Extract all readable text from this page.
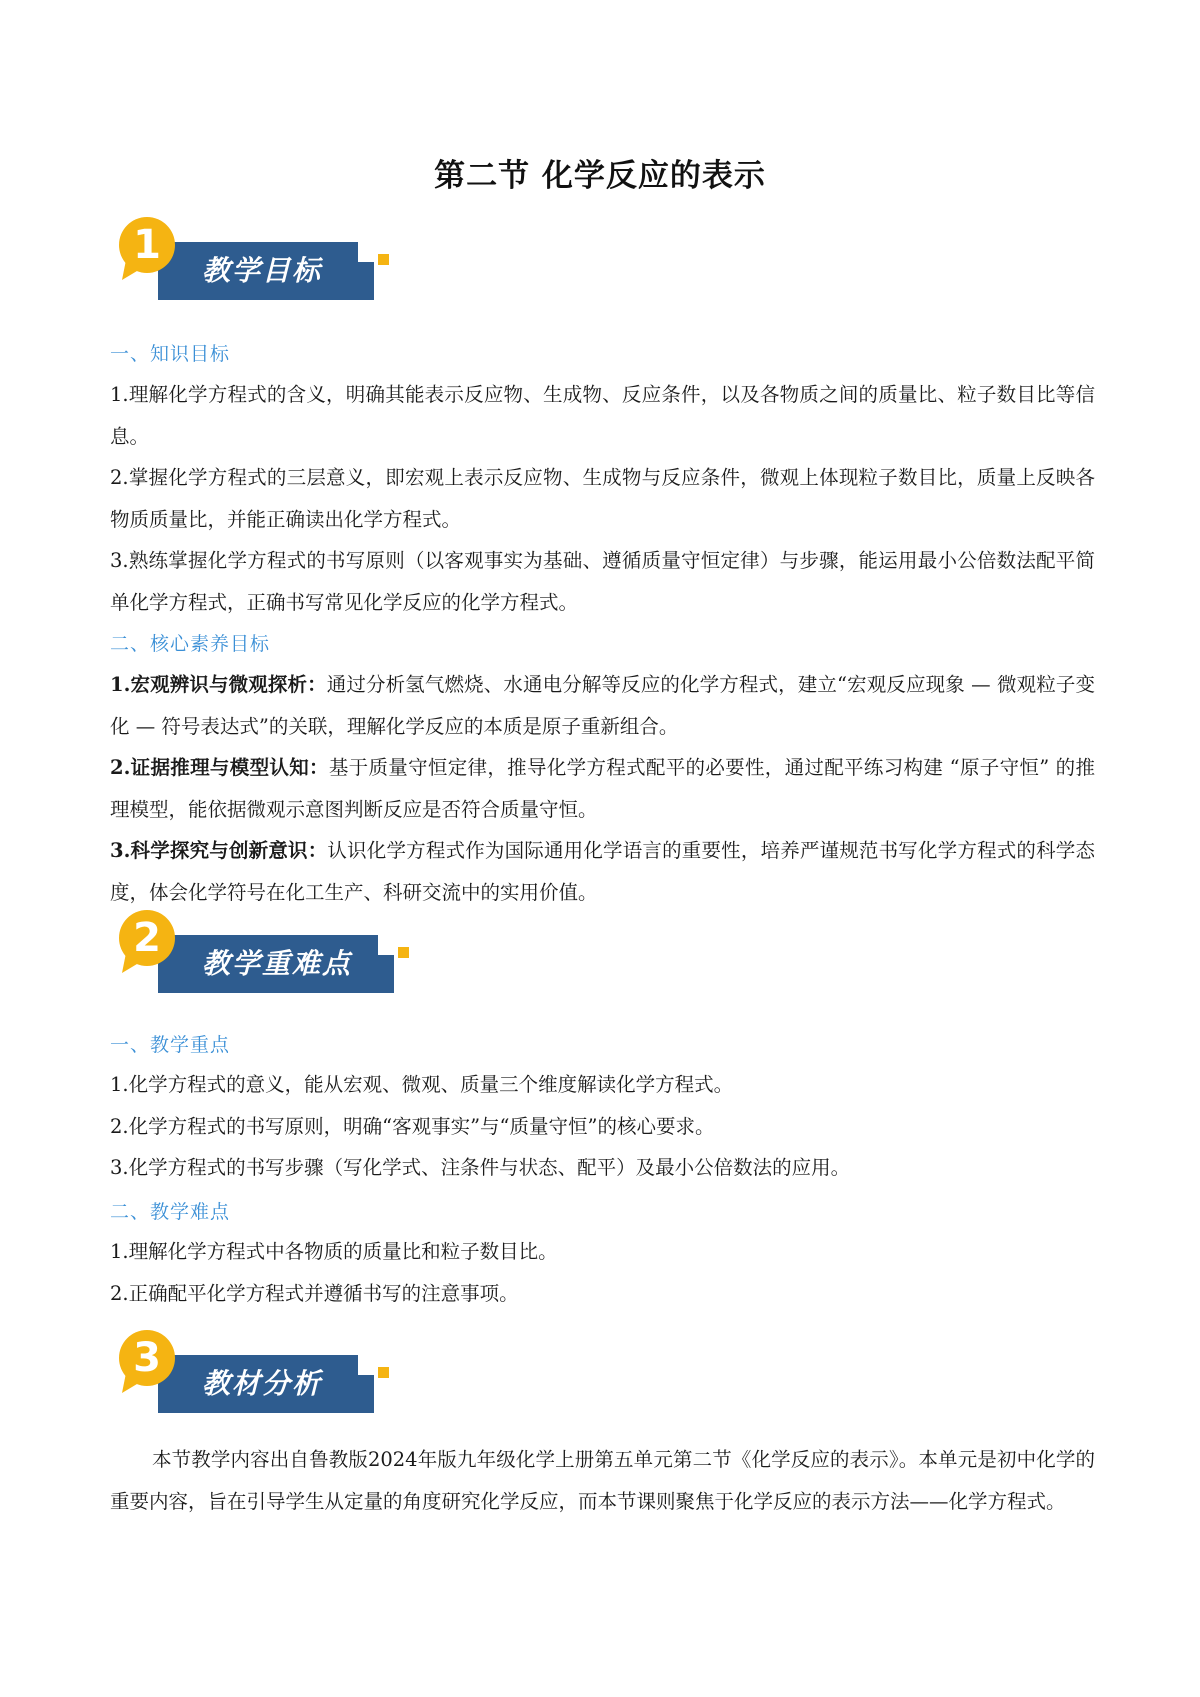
第二节 化学反应的表示
1
教学目标
一、知识目标

1.理解化学方程式的含义，明确其能表示反应物、生成物、反应条件，以及各物质之间的质量比、粒子数目比等信息。

2.掌握化学方程式的三层意义，即宏观上表示反应物、生成物与反应条件，微观上体现粒子数目比，质量上反映各物质质量比，并能正确读出化学方程式。

3.熟练掌握化学方程式的书写原则（以客观事实为基础、遵循质量守恒定律）与步骤，能运用最小公倍数法配平简单化学方程式，正确书写常见化学反应的化学方程式。

二、核心素养目标

1.宏观辨识与微观探析：通过分析氢气燃烧、水通电分解等反应的化学方程式，建立“宏观反应现象 — 微观粒子变化 — 符号表达式”的关联，理解化学反应的本质是原子重新组合。

2.证据推理与模型认知：基于质量守恒定律，推导化学方程式配平的必要性，通过配平练习构建 “原子守恒” 的推理模型，能依据微观示意图判断反应是否符合质量守恒。

3.科学探究与创新意识：认识化学方程式作为国际通用化学语言的重要性，培养严谨规范书写化学方程式的科学态度，体会化学符号在化工生产、科研交流中的实用价值。

2
教学重难点
一、教学重点

1.化学方程式的意义，能从宏观、微观、质量三个维度解读化学方程式。

2.化学方程式的书写原则，明确“客观事实”与“质量守恒”的核心要求。

3.化学方程式的书写步骤（写化学式、注条件与状态、配平）及最小公倍数法的应用。

二、教学难点

1.理解化学方程式中各物质的质量比和粒子数目比。

2.正确配平化学方程式并遵循书写的注意事项。

3
教材分析

本节教学内容出自鲁教版2024年版九年级化学上册第五单元第二节《化学反应的表示》。本单元是初中化学的重要内容，旨在引导学生从定量的角度研究化学反应，而本节课则聚焦于化学反应的表示方法——化学方程式。
